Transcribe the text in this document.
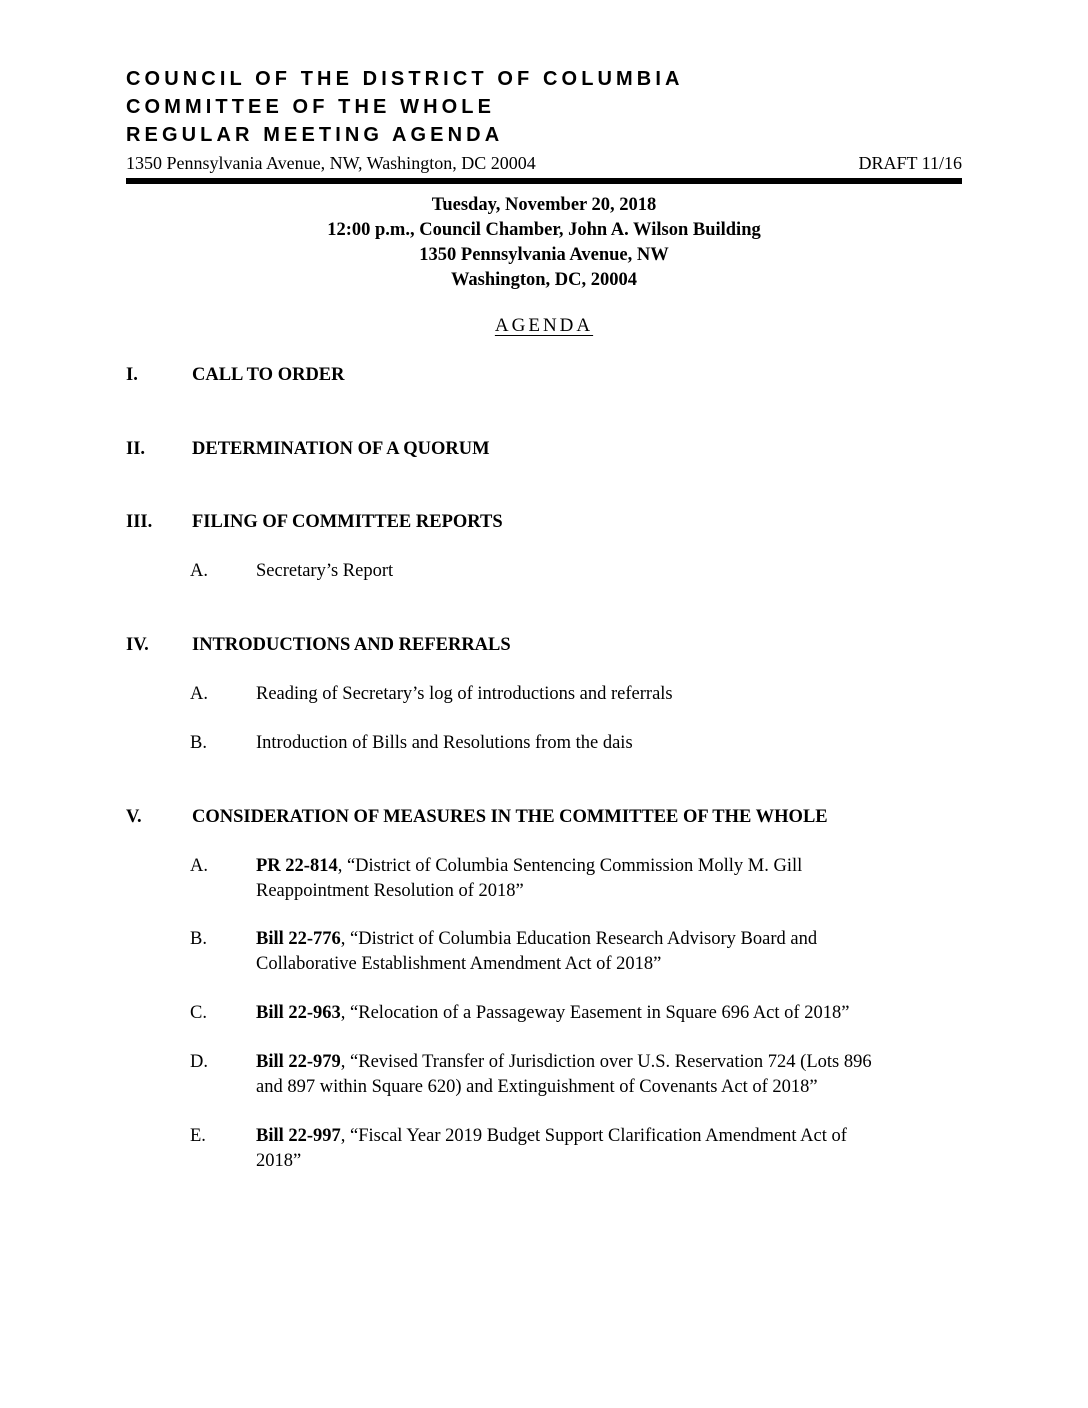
COUNCIL OF THE DISTRICT OF COLUMBIA
COMMITTEE OF THE WHOLE
REGULAR MEETING AGENDA
1350 Pennsylvania Avenue, NW, Washington, DC 20004	DRAFT 11/16
Tuesday, November 20, 2018
12:00 p.m., Council Chamber, John A. Wilson Building
1350 Pennsylvania Avenue, NW
Washington, DC, 20004
AGENDA
I.	CALL TO ORDER
II.	DETERMINATION OF A QUORUM
III. FILING OF COMMITTEE REPORTS
A.	Secretary’s Report
IV. INTRODUCTIONS AND REFERRALS
A.	Reading of Secretary’s log of introductions and referrals
B.	Introduction of Bills and Resolutions from the dais
V.	CONSIDERATION OF MEASURES IN THE COMMITTEE OF THE WHOLE
A.	PR 22-814, “District of Columbia Sentencing Commission Molly M. Gill
Reappointment Resolution of 2018”
B.	Bill 22-776, “District of Columbia Education Research Advisory Board and
Collaborative Establishment Amendment Act of 2018”
C.	Bill 22-963, “Relocation of a Passageway Easement in Square 696 Act of 2018”
D.	Bill 22-979, “Revised Transfer of Jurisdiction over U.S. Reservation 724 (Lots 896
and 897 within Square 620) and Extinguishment of Covenants Act of 2018”
E.	Bill 22-997, “Fiscal Year 2019 Budget Support Clarification Amendment Act of
2018”
